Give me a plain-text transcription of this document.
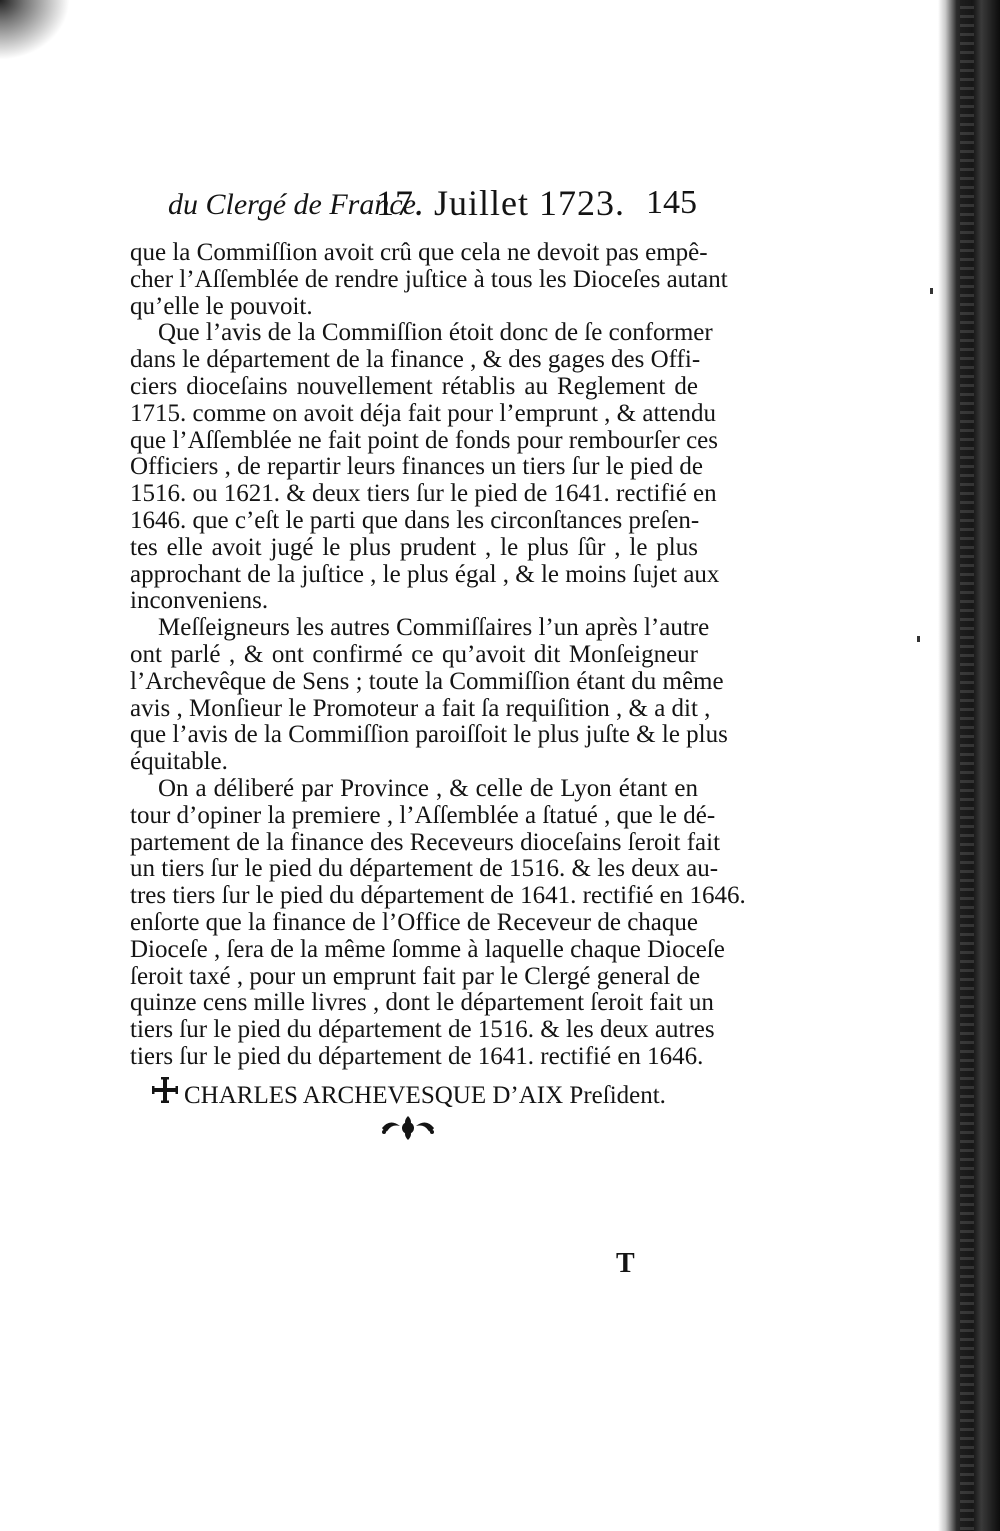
du Clergé de France.
17. Juillet 1723. 145

que la Commiſſion avoit crû que cela ne devoit pas empê-

cher l’Aſſemblée de rendre juſtice à tous les Dioceſes autant

qu’elle le pouvoit.

Que l’avis de la Commiſſion étoit donc de ſe conformer

dans le département de la finance , & des gages des Offi-

ciers dioceſains nouvellement rétablis au Reglement de

1715. comme on avoit déja fait pour l’emprunt , & attendu

que l’Aſſemblée ne fait point de fonds pour rembourſer ces

Officiers , de repartir leurs finances un tiers ſur le pied de

1516. ou 1621. & deux tiers ſur le pied de 1641. rectifié en

1646. que c’eſt le parti que dans les circonſtances preſen-

tes elle avoit jugé le plus prudent , le plus ſûr , le plus

approchant de la juſtice , le plus égal , & le moins ſujet aux

inconveniens.

Meſſeigneurs les autres Commiſſaires l’un après l’autre

ont parlé , & ont confirmé ce qu’avoit dit Monſeigneur

l’Archevêque de Sens ; toute la Commiſſion étant du même

avis , Monſieur le Promoteur a fait ſa requiſition , & a dit ,

que l’avis de la Commiſſion paroiſſoit le plus juſte & le plus

équitable.

On a déliberé par Province , & celle de Lyon étant en

tour d’opiner la premiere , l’Aſſemblée a ſtatué , que le dé-

partement de la finance des Receveurs dioceſains ſeroit fait

un tiers ſur le pied du département de 1516. & les deux au-

tres tiers ſur le pied du département de 1641. rectifié en 1646.

enſorte que la finance de l’Office de Receveur de chaque

Dioceſe , ſera de la même ſomme à laquelle chaque Dioceſe

ſeroit taxé , pour un emprunt fait par le Clergé general de

quinze cens mille livres , dont le département ſeroit fait un

tiers ſur le pied du département de 1516. & les deux autres

tiers ſur le pied du département de 1641. rectifié en 1646.

CHARLES ARCHEVESQUE D’AIX Preſident.
T
